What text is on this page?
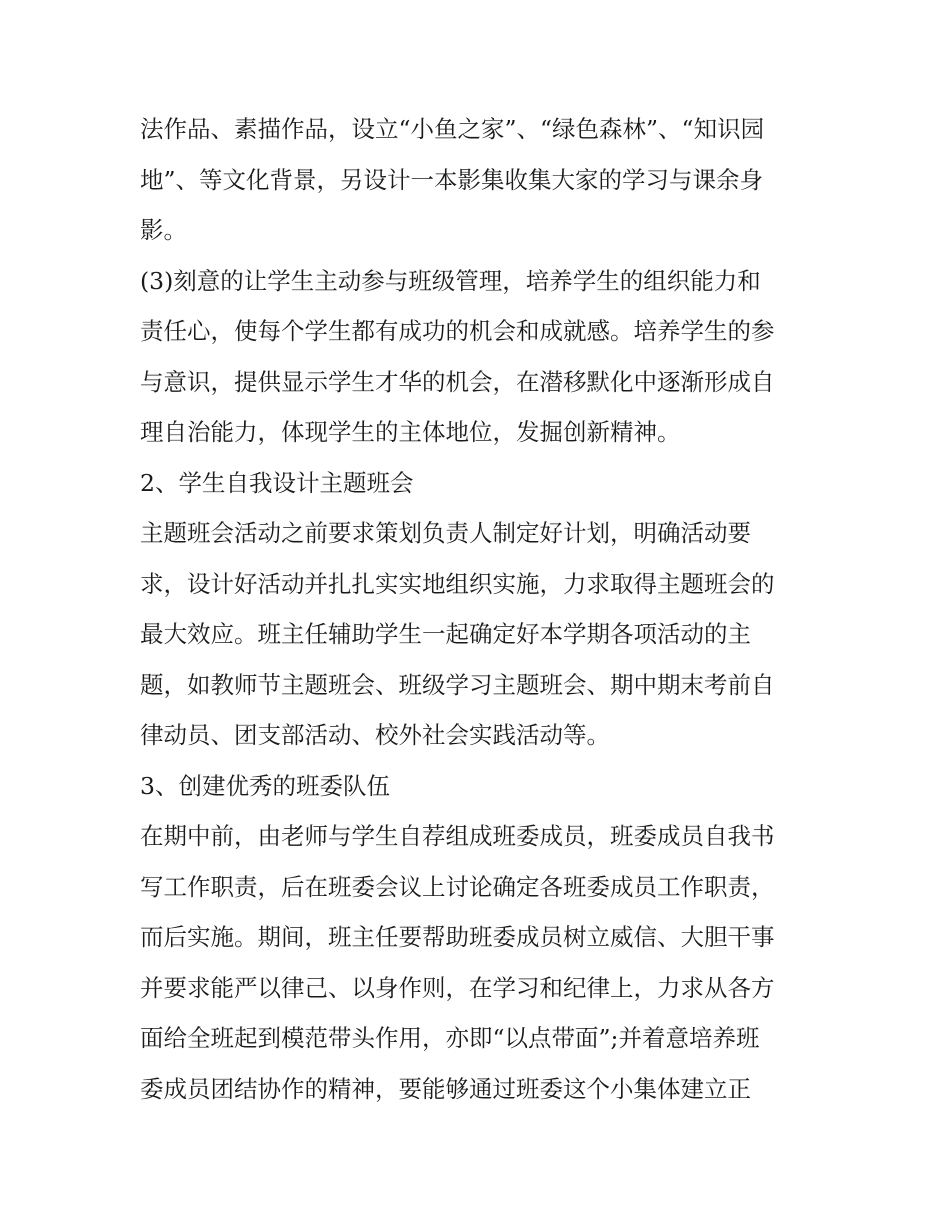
法作品、素描作品，设立“小鱼之家”、“绿色森林”、“知识园
地”、等文化背景，另设计一本影集收集大家的学习与课余身
影。
(3)刻意的让学生主动参与班级管理，培养学生的组织能力和
责任心，使每个学生都有成功的机会和成就感。培养学生的参
与意识，提供显示学生才华的机会，在潜移默化中逐渐形成自
理自治能力，体现学生的主体地位，发掘创新精神。
2、学生自我设计主题班会
主题班会活动之前要求策划负责人制定好计划，明确活动要
求，设计好活动并扎扎实实地组织实施，力求取得主题班会的
最大效应。班主任辅助学生一起确定好本学期各项活动的主
题，如教师节主题班会、班级学习主题班会、期中期末考前自
律动员、团支部活动、校外社会实践活动等。
3、创建优秀的班委队伍
在期中前，由老师与学生自荐组成班委成员，班委成员自我书
写工作职责，后在班委会议上讨论确定各班委成员工作职责，
而后实施。期间，班主任要帮助班委成员树立威信、大胆干事
并要求能严以律己、以身作则，在学习和纪律上，力求从各方
面给全班起到模范带头作用，亦即“以点带面”;并着意培养班
委成员团结协作的精神，要能够通过班委这个小集体建立正
